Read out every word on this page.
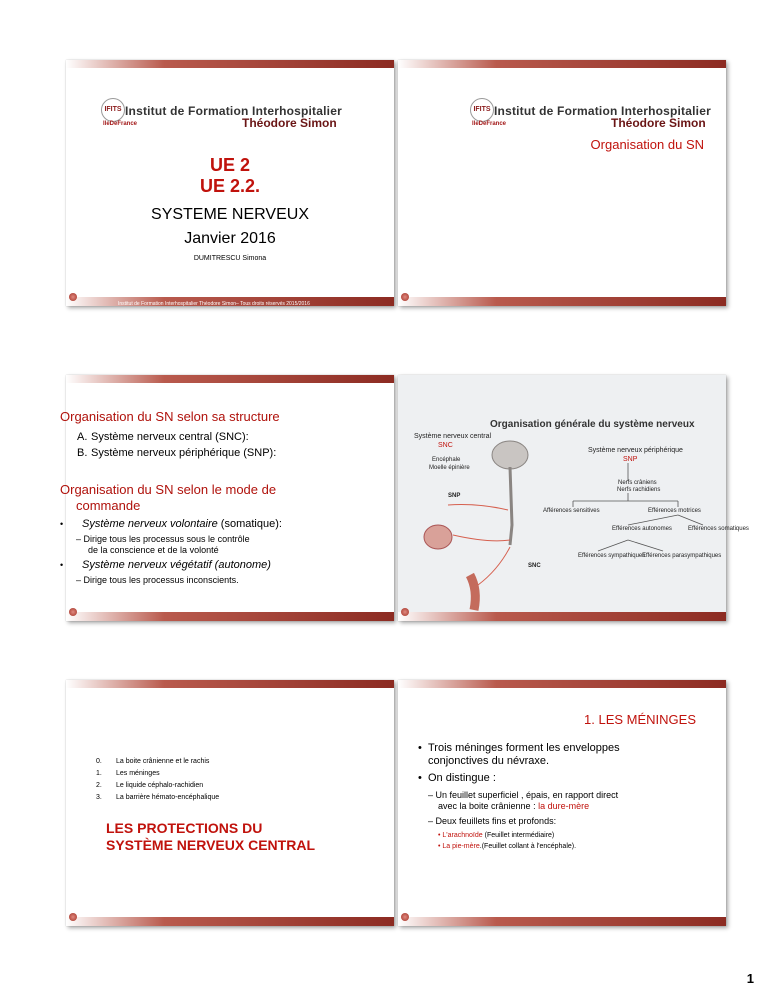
IFITS Institut de Formation Interhospitalier
Théodore Simon
IleDeFrance
UE 2
UE 2.2.
SYSTEME NERVEUX
Janvier 2016
DUMITRESCU Simona
Institut de Formation Interhospitalier Théodore Simon– Tous droits réservés 2015/2016
IFITS Institut de Formation Interhospitalier
Théodore Simon
IleDeFrance
Organisation du SN
Organisation du SN selon sa structure
A. Système nerveux central (SNC):
B. Système nerveux périphérique (SNP):
Organisation du SN selon le mode de
commande
• Système nerveux volontaire (somatique):
– Dirige tous les processus sous le contrôle
de la conscience et de la volonté
• Système nerveux végétatif (autonome)
– Dirige tous les processus inconscients.
Organisation générale du système nerveux
Système nerveux central
SNC
Encéphale
Moelle épinière
Système nerveux périphérique
SNP
Nerfs crâniens
Nerfs rachidiens
Afférences sensitives	Efférences motrices
Efférences autonomes	Efférences somatiques
Efférences sympathiques
Efférences parasympathiques
SNP
SNC
0. La boite crânienne et le rachis
1. Les méninges
2. Le liquide céphalo-rachidien
3. La barrière hémato-encéphalique
LES PROTECTIONS DU
SYSTÈME NERVEUX CENTRAL
1. LES MÉNINGES
• Trois méninges forment les enveloppes
conjonctives du névraxe.
• On distingue :
– Un feuillet superficiel , épais, en rapport direct
avec la boite crânienne : la dure-mère
– Deux feuillets fins et profonds:
• L'arachnoïde (Feuillet intermédiaire)
• La pie-mère.(Feuillet collant à l'encéphale).
1
